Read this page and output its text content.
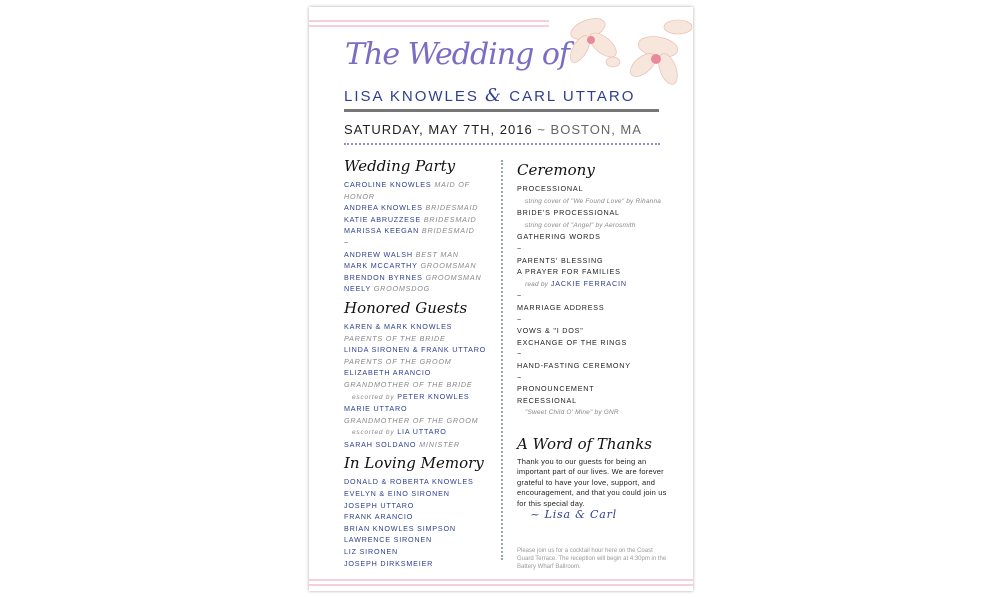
The Wedding of
LISA KNOWLES & CARL UTTARO
SATURDAY, MAY 7TH, 2016 ~ BOSTON, MA
Wedding Party
CAROLINE KNOWLES MAID OF HONOR
ANDREA KNOWLES BRIDESMAID
KATIE ABRUZZESE BRIDESMAID
MARISSA KEEGAN BRIDESMAID
~
ANDREW WALSH BEST MAN
MARK MCCARTHY GROOMSMAN
BRENDON BYRNES GROOMSMAN
NEELY GROOMSDOG
Honored Guests
KAREN & MARK KNOWLES
PARENTS OF THE BRIDE
LINDA SIRONEN & FRANK UTTARO
PARENTS OF THE GROOM
ELIZABETH ARANCIO
GRANDMOTHER OF THE BRIDE
escorted by PETER KNOWLES
MARIE UTTARO
GRANDMOTHER OF THE GROOM
escorted by LIA UTTARO
SARAH SOLDANO MINISTER
In Loving Memory
DONALD & ROBERTA KNOWLES
EVELYN & EINO SIRONEN
JOSEPH UTTARO
FRANK ARANCIO
BRIAN KNOWLES SIMPSON
LAWRENCE SIRONEN
LIZ SIRONEN
JOSEPH DIRKSMEIER
Ceremony
PROCESSIONAL
string cover of "We Found Love" by Rihanna
BRIDE'S PROCESSIONAL
string cover of "Angel" by Aerosmith
GATHERING WORDS
~
PARENTS' BLESSING
A PRAYER FOR FAMILIES
read by JACKIE FERRACIN
~
MARRIAGE ADDRESS
~
VOWS & "I DOS"
EXCHANGE OF THE RINGS
~
HAND-FASTING CEREMONY
~
PRONOUNCEMENT
RECESSIONAL
"Sweet Child O' Mine" by GNR
A Word of Thanks
Thank you to our guests for being an important part of our lives. We are forever grateful to have your love, support, and encouragement, and that you could join us for this special day.
~ Lisa & Carl
Please join us for a cocktail hour here on the Coast Guard Terrace. The reception will begin at 4:30pm in the Battery Wharf Ballroom.
